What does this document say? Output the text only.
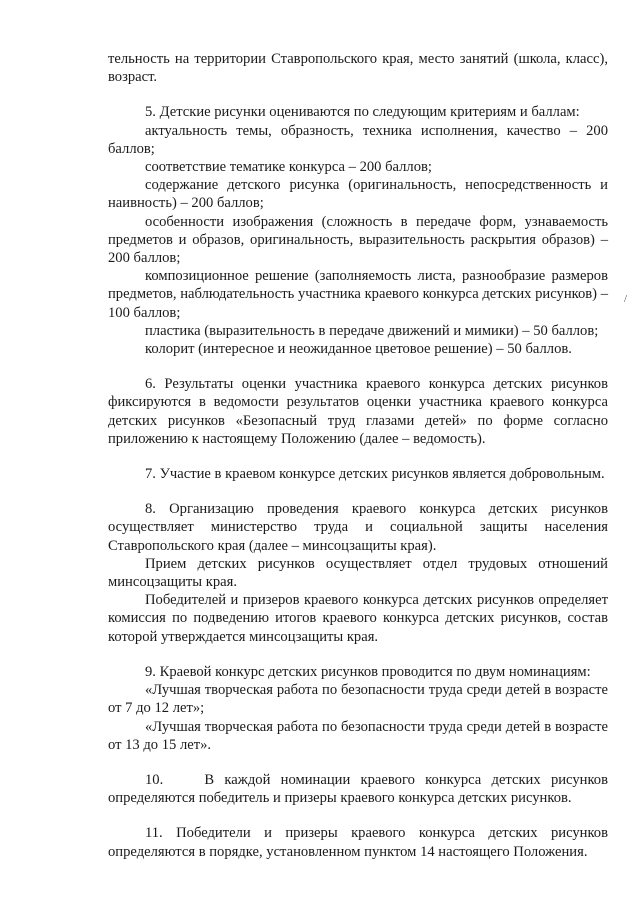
тельность на территории Ставропольского края, место занятий (школа, класс), возраст.

5. Детские рисунки оцениваются по следующим критериям и баллам:

актуальность темы, образность, техника исполнения, качество – 200 баллов;

соответствие тематике конкурса – 200 баллов;

содержание детского рисунка (оригинальность, непосредственность и наивность) – 200 баллов;

особенности изображения (сложность в передаче форм, узнаваемость предметов и образов, оригинальность, выразительность раскрытия образов) – 200 баллов;

композиционное решение (заполняемость листа, разнообразие размеров предметов, наблюдательность участника краевого конкурса детских рисунков) – 100 баллов;

пластика (выразительность в передаче движений и мимики) – 50 баллов;

колорит (интересное и неожиданное цветовое решение) – 50 баллов.

6. Результаты оценки участника краевого конкурса детских рисунков фиксируются в ведомости результатов оценки участника краевого конкурса детских рисунков «Безопасный труд глазами детей» по форме согласно приложению к настоящему Положению (далее – ведомость).

7. Участие в краевом конкурсе детских рисунков является добровольным.

8. Организацию проведения краевого конкурса детских рисунков осуществляет министерство труда и социальной защиты населения Ставропольского края (далее – минсоцзащиты края).

Прием детских рисунков осуществляет отдел трудовых отношений минсоцзащиты края.

Победителей и призеров краевого конкурса детских рисунков определяет комиссия по подведению итогов краевого конкурса детских рисунков, состав которой утверждается минсоцзащиты края.

9. Краевой конкурс детских рисунков проводится по двум номинациям:

«Лучшая творческая работа по безопасности труда среди детей в возрасте от 7 до 12 лет»;

«Лучшая творческая работа по безопасности труда среди детей в возрасте от 13 до 15 лет».

10.    В каждой номинации краевого конкурса детских рисунков определяются победитель и призеры краевого конкурса детских рисунков.

11. Победители и призеры краевого конкурса детских рисунков определяются в порядке, установленном пунктом 14 настоящего Положения.

/
